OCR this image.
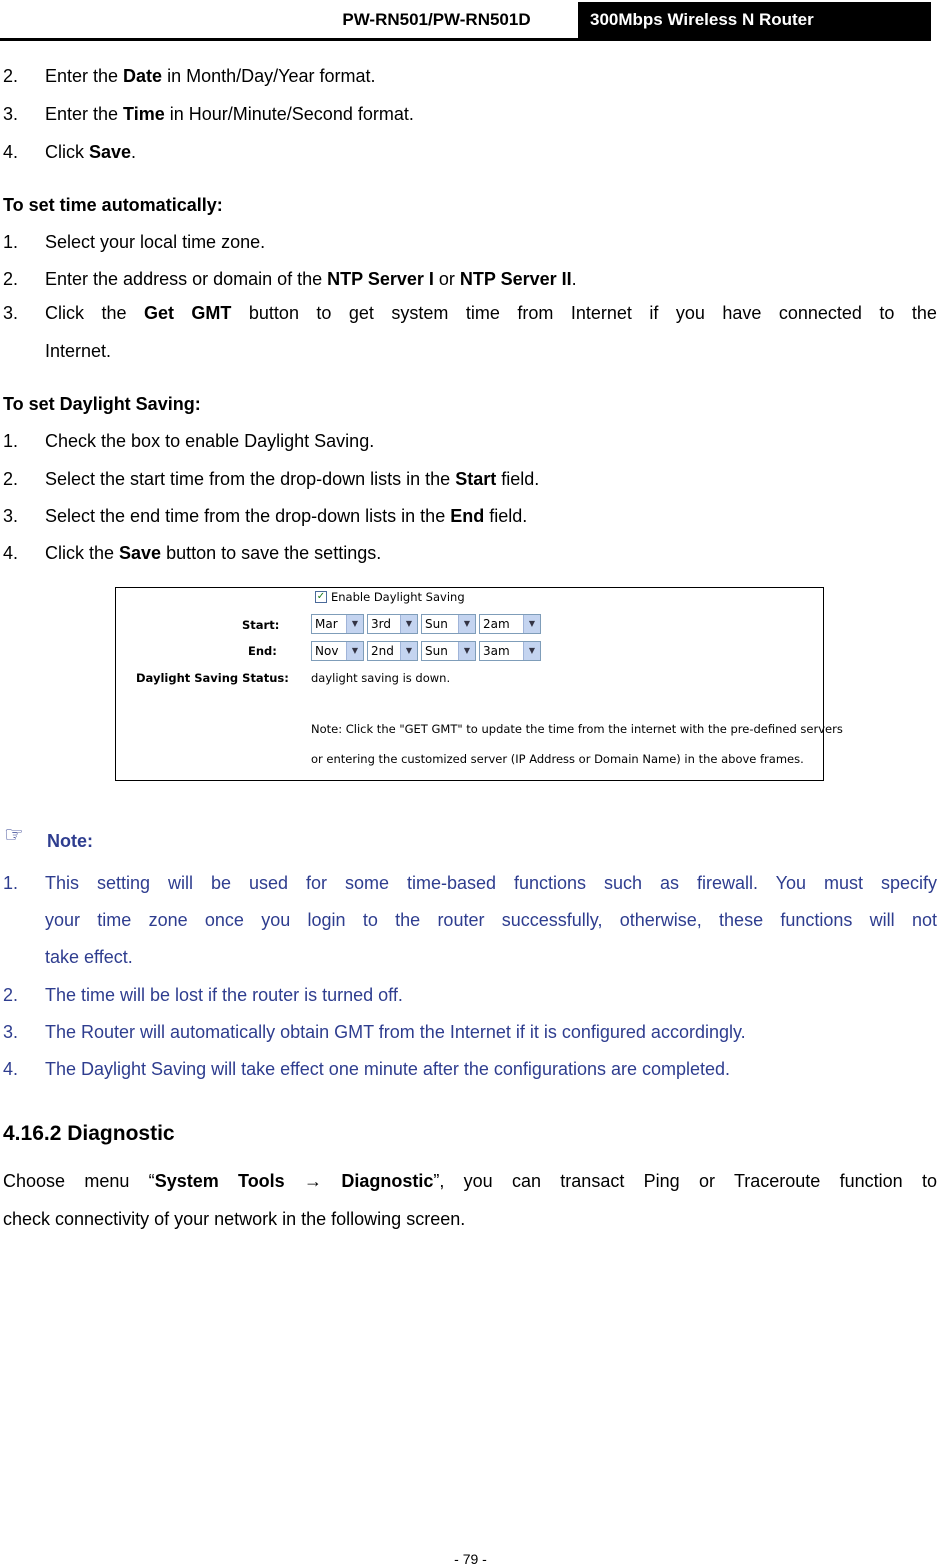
PW-RN501/PW-RN501D	300Mbps Wireless N Router
2. Enter the Date in Month/Day/Year format.
3. Enter the Time in Hour/Minute/Second format.
4. Click Save.
To set time automatically:
1. Select your local time zone.
2. Enter the address or domain of the NTP Server I or NTP Server II.
3. Click the Get GMT button to get system time from Internet if you have connected to the
Internet.
To set Daylight Saving:
1. Check the box to enable Daylight Saving.
2. Select the start time from the drop-down lists in the Start field.
3. Select the end time from the drop-down lists in the End field.
4. Click the Save button to save the settings.
✓ Enable Daylight Saving
Start:	Mar	▼	3rd	▼	Sun	▼	2am	▼
End:	Nov	▼	2nd	▼	Sun	▼	3am	▼
Daylight Saving Status: daylight saving is down.
Note: Click the "GET GMT" to update the time from the internet with the pre-defined servers
or entering the customized server (IP Address or Domain Name) in the above frames.
☞ Note:
1. This setting will be used for some time-based functions such as firewall. You must specify
your time zone once you login to the router successfully, otherwise, these functions will not
take effect.
2. The time will be lost if the router is turned off.
3. The Router will automatically obtain GMT from the Internet if it is configured accordingly.
4. The Daylight Saving will take effect one minute after the configurations are completed.
4.16.2 Diagnostic
Choose menu “System Tools → Diagnostic”, you can transact Ping or Traceroute function to
check connectivity of your network in the following screen.
- 79 -
